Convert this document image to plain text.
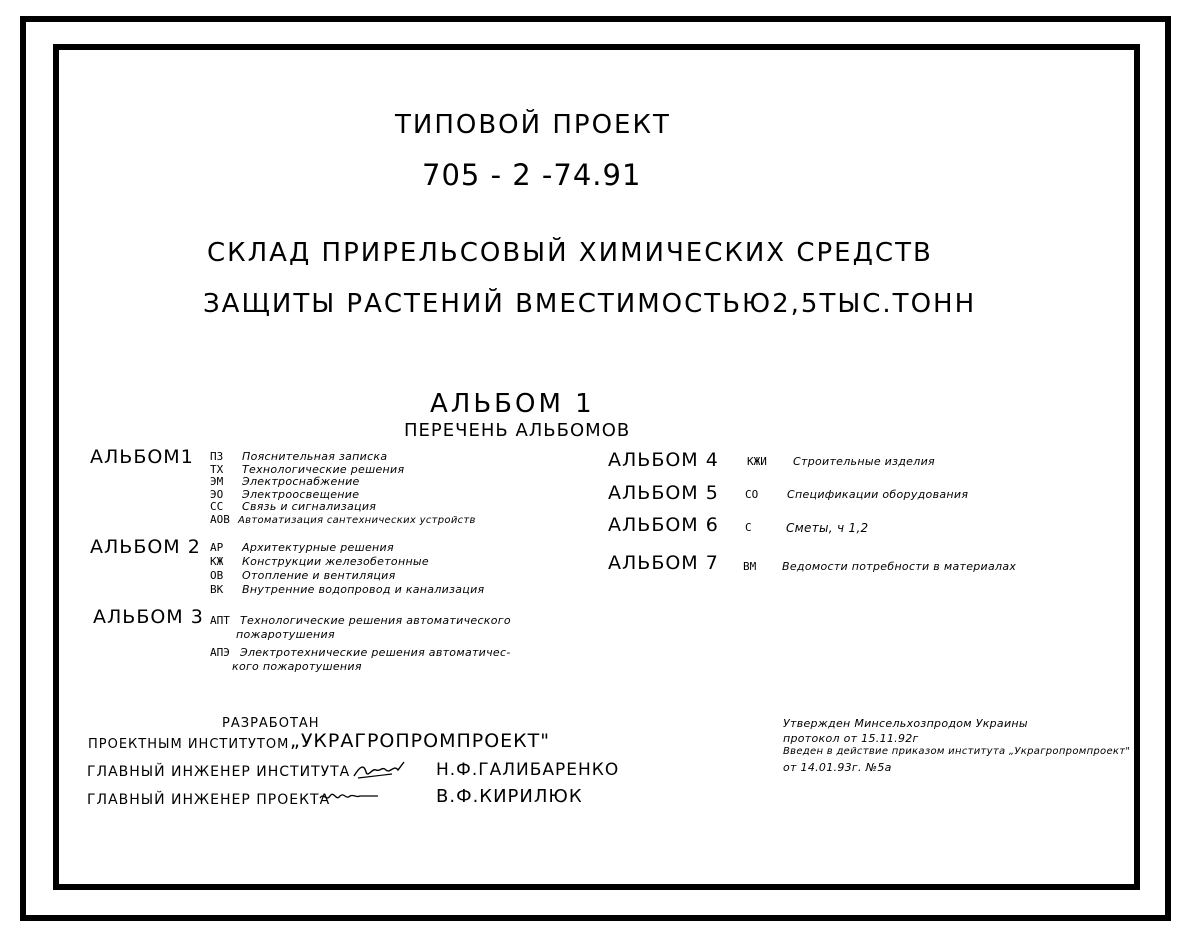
ТИПОВОЙ ПРОЕКТ
705 - 2 -74.91
СКЛАД ПРИРЕЛЬСОВЫЙ ХИМИЧЕСКИХ СРЕДСТВ
ЗАЩИТЫ РАСТЕНИЙ ВМЕСТИМОСТЬЮ2,5ТЫС.ТОНН
АЛЬБОМ 1
ПЕРЕЧЕНЬ АЛЬБОМОВ
АЛЬБОМ1 ПЗ	Пояснительная записка
ТХ	Технологические решения
ЭМ	Электроснабжение
ЭО	Электроосвещение
СС	Связь и сигнализация
АОВ Автоматизация сантехнических устройств
АЛЬБОМ 2 АР	Архитектурные решения
КЖ	Конструкции железобетонные
ОВ	Отопление и вентиляция
ВК	Внутренние водопровод и канализация
АЛЬБОМ 3 АПТ Технологические решения автоматического
пожаротушения
АПЭ Электротехнические решения автоматичес-
кого пожаротушения
АЛЬБОМ 4	КЖИ Строительные изделия
АЛЬБОМ 5 СО	Спецификации оборудования
АЛЬБОМ 6 С	Сметы, ч 1,2
АЛЬБОМ 7 ВМ Ведомости потребности в материалах
РАЗРАБОТАН
ПРОЕКТНЫМ ИНСТИТУТОМ „УКРАГРОПРОМПРОЕКТ"
ГЛАВНЫЙ ИНЖЕНЕР ИНСТИТУТА	Н.Ф.ГАЛИБАРЕНКО
ГЛАВНЫЙ ИНЖЕНЕР ПРОЕКТА	В.Ф.КИРИЛЮК
Утвержден Минсельхозпродом Украины
протокол от 15.11.92г
Введен в действие приказом института „Украгропромпроект"
от 14.01.93г. №5а
